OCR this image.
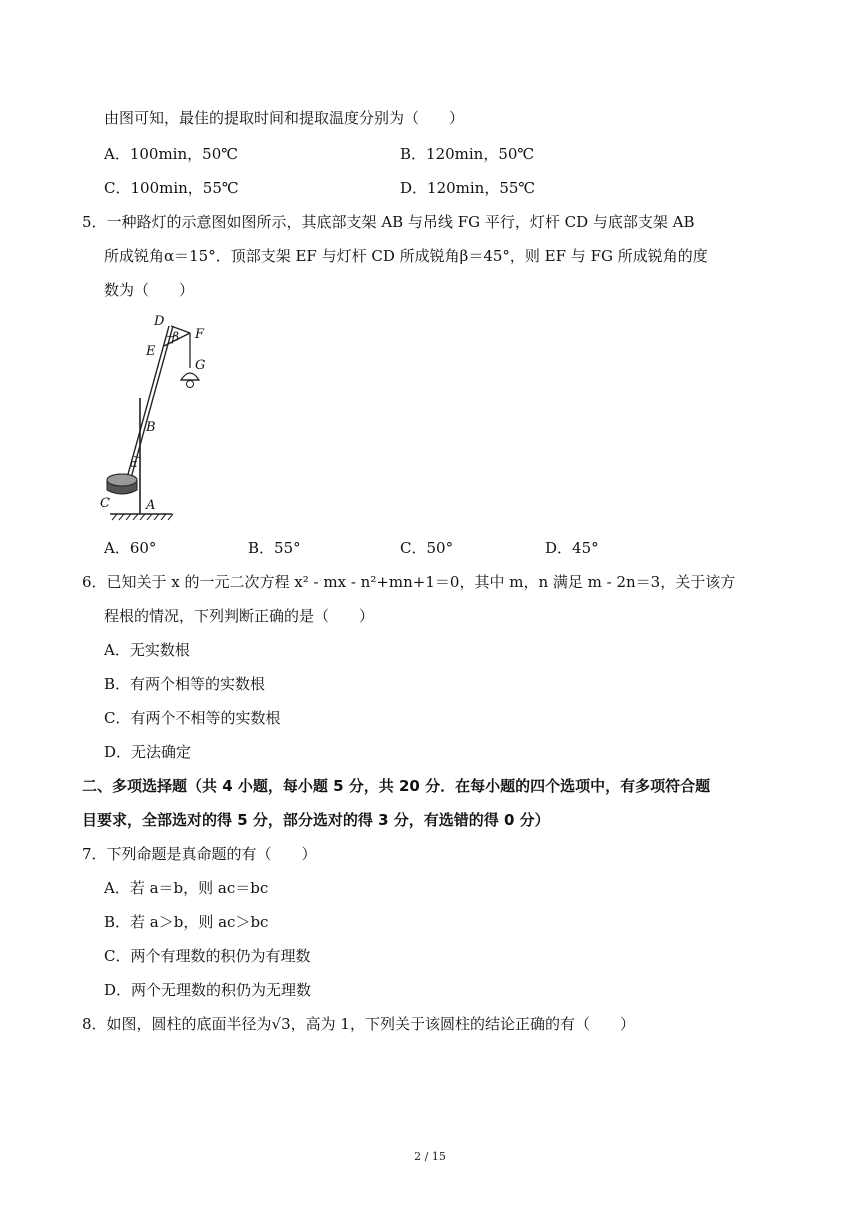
由图可知，最佳的提取时间和提取温度分别为（　　）
A．100min，50℃	B．120min，50℃
C．100min，55℃	D．120min，55℃
5．一种路灯的示意图如图所示，其底部支架 AB 与吊线 FG 平行，灯杆 CD 与底部支架 AB
所成锐角α＝15°．顶部支架 EF 与灯杆 CD 所成锐角β＝45°，则 EF 与 FG 所成锐角的度
数为（　　）
D
β F
E
G
B
α
C	A
A．60°	B．55°	C．50°	D．45°
6．已知关于 x 的一元二次方程 x² - mx - n²+mn+1＝0，其中 m，n 满足 m - 2n＝3，关于该方
程根的情况，下列判断正确的是（　　）
A．无实数根
B．有两个相等的实数根
C．有两个不相等的实数根
D．无法确定
二、多项选择题（共 4 小题，每小题 5 分，共 20 分．在每小题的四个选项中，有多项符合题
目要求，全部选对的得 5 分，部分选对的得 3 分，有选错的得 0 分）
7．下列命题是真命题的有（　　）
A．若 a＝b，则 ac＝bc
B．若 a＞b，则 ac＞bc
C．两个有理数的积仍为有理数
D．两个无理数的积仍为无理数
8．如图，圆柱的底面半径为√3，高为 1，下列关于该圆柱的结论正确的有（　　）
2 / 15
